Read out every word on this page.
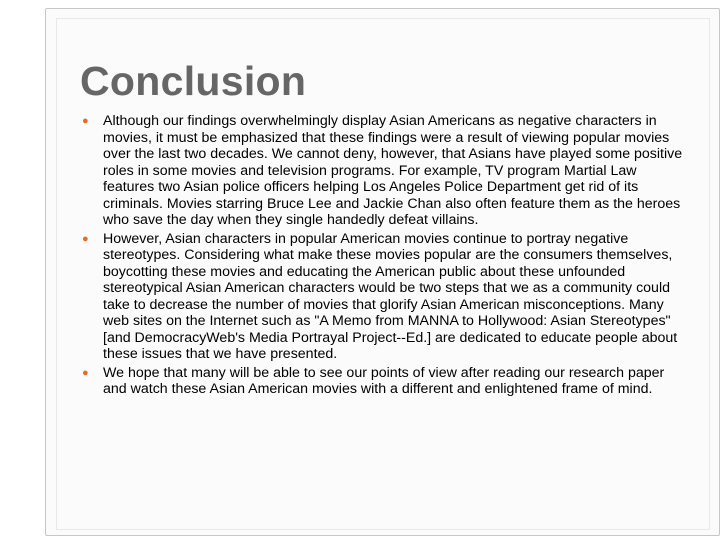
Conclusion
● Although our findings overwhelmingly display Asian Americans as negative characters in movies, it must be emphasized that these findings were a result of viewing popular movies over the last two decades. We cannot deny, however, that Asians have played some positive roles in some movies and television programs. For example, TV program Martial Law features two Asian police officers helping Los Angeles Police Department get rid of its criminals. Movies starring Bruce Lee and Jackie Chan also often feature them as the heroes who save the day when they single handedly defeat villains.
● However, Asian characters in popular American movies continue to portray negative stereotypes. Considering what make these movies popular are the consumers themselves, boycotting these movies and educating the American public about these unfounded stereotypical Asian American characters would be two steps that we as a community could take to decrease the number of movies that glorify Asian American misconceptions. Many web sites on the Internet such as "A Memo from MANNA to Hollywood: Asian Stereotypes" [and DemocracyWeb's Media Portrayal Project--Ed.] are dedicated to educate people about these issues that we have presented.
● We hope that many will be able to see our points of view after reading our research paper and watch these Asian American movies with a different and enlightened frame of mind.
